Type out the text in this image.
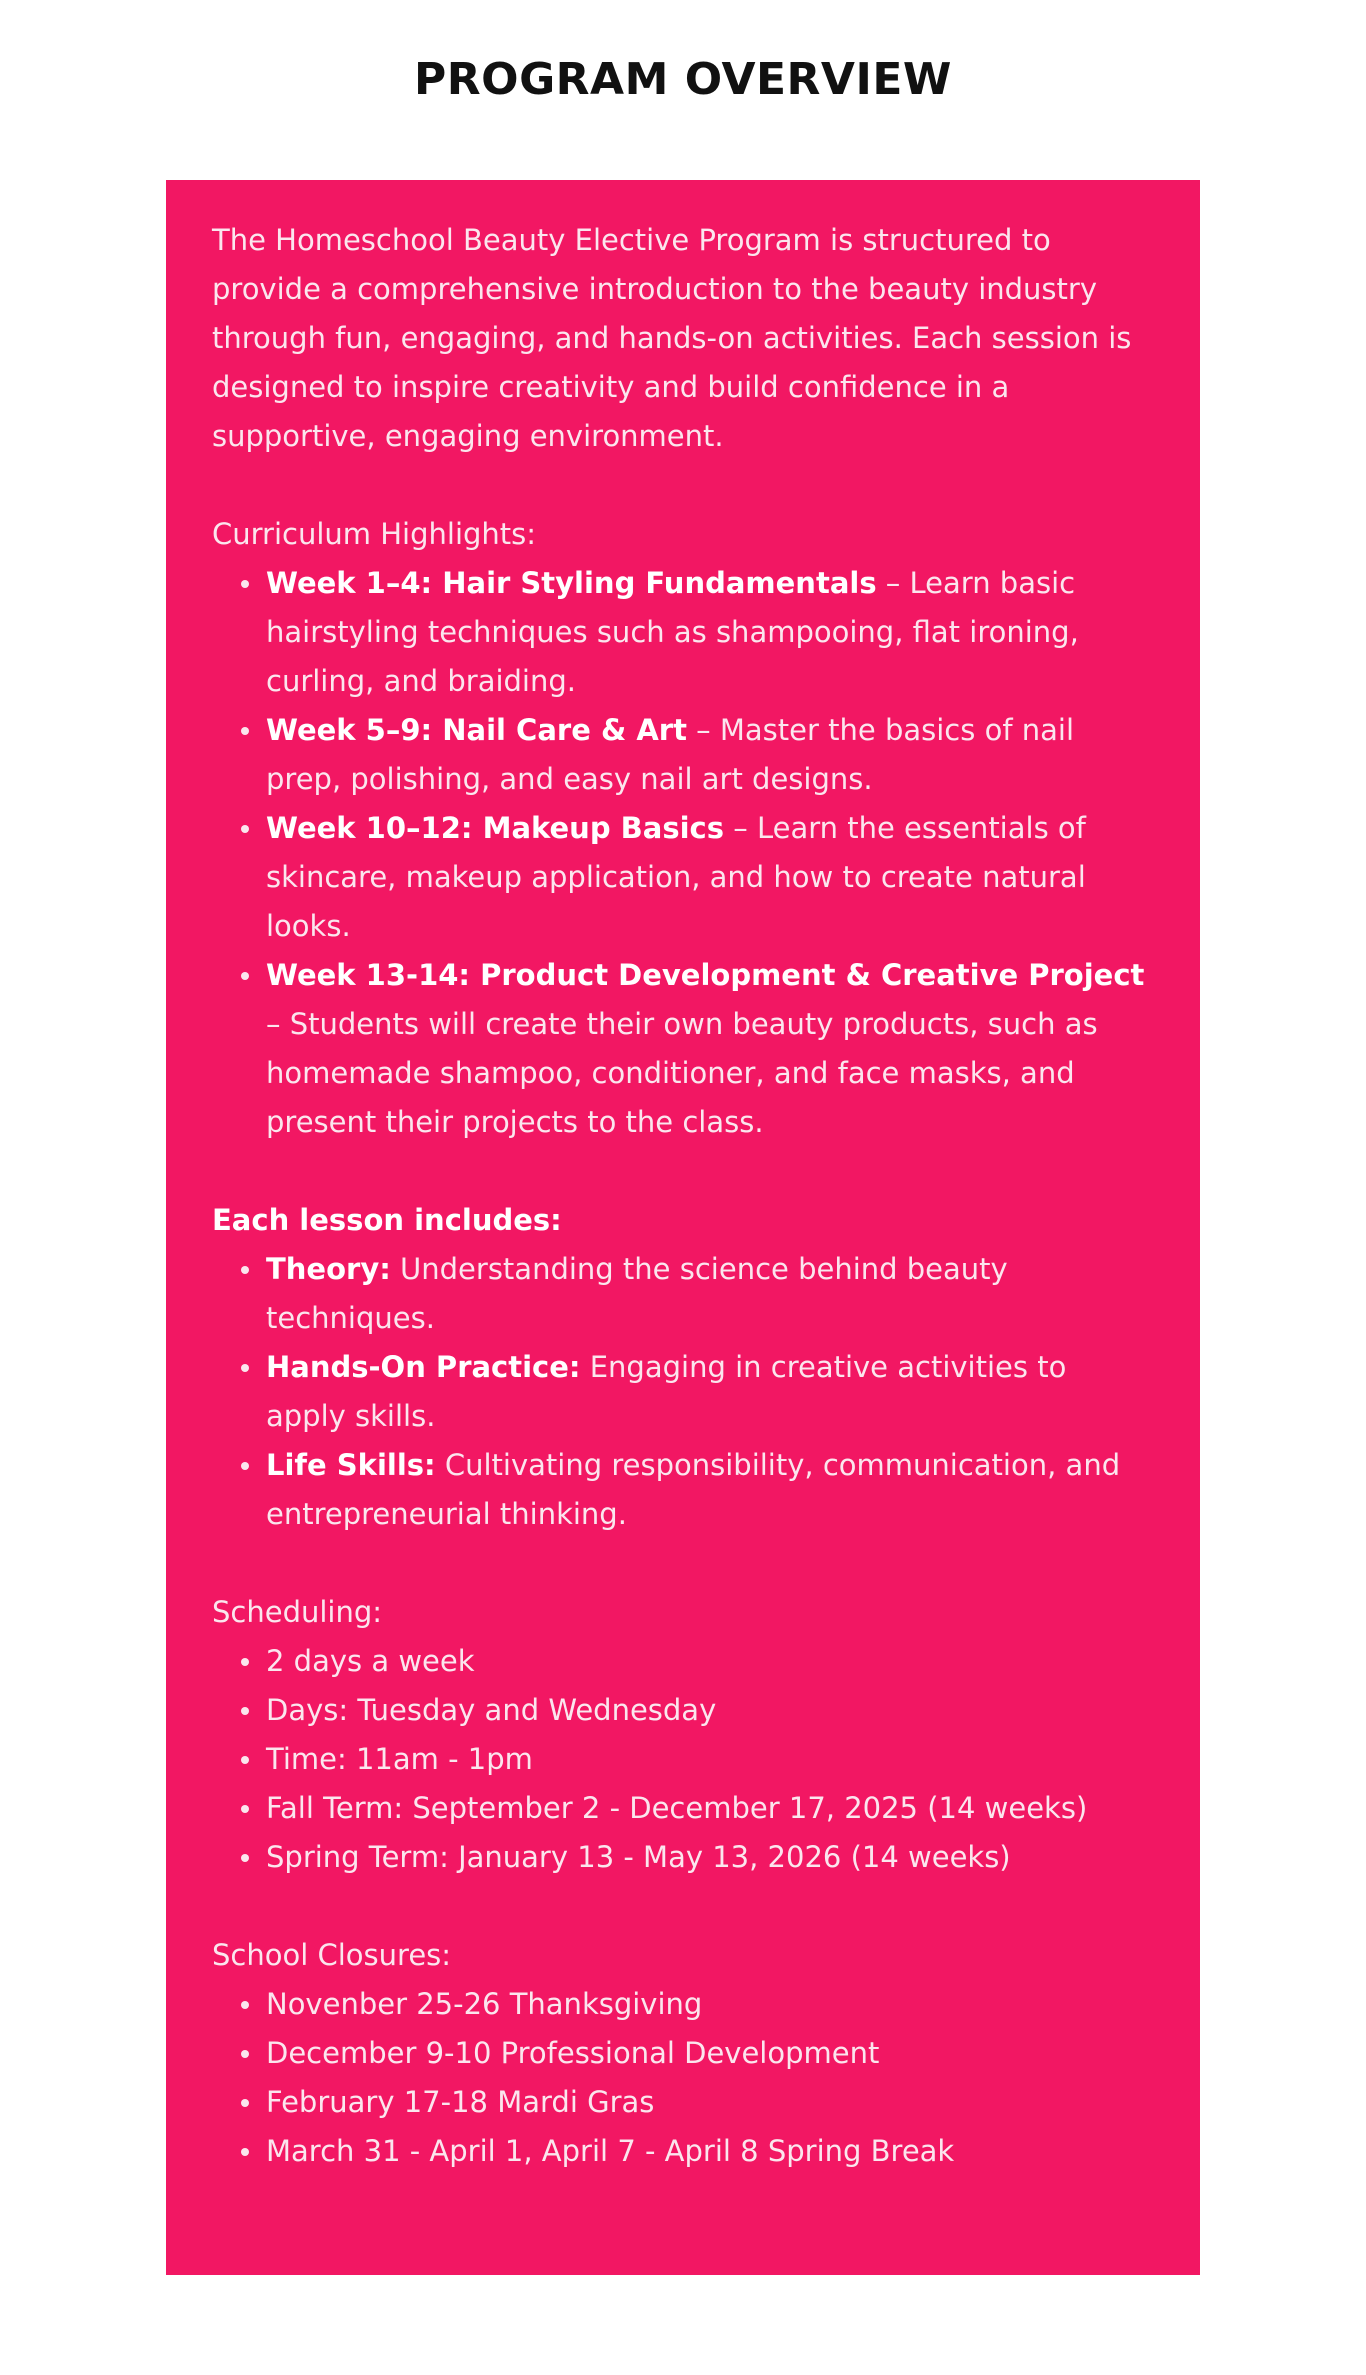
PROGRAM OVERVIEW

The Homeschool Beauty Elective Program is structured to provide a comprehensive introduction to the beauty industry through fun, engaging, and hands-on activities. Each session is designed to inspire creativity and build confidence in a supportive, engaging environment.

Curriculum Highlights:

Week 1–4: Hair Styling Fundamentals – Learn basic hairstyling techniques such as shampooing, flat ironing, curling, and braiding.
Week 5–9: Nail Care & Art – Master the basics of nail prep, polishing, and easy nail art designs.
Week 10–12: Makeup Basics – Learn the essentials of skincare, makeup application, and how to create natural looks.
Week 13-14: Product Development & Creative Project – Students will create their own beauty products, such as homemade shampoo, conditioner, and face masks, and present their projects to the class.

Each lesson includes:

Theory: Understanding the science behind beauty techniques.
Hands-On Practice: Engaging in creative activities to apply skills.
Life Skills: Cultivating responsibility, communication, and entrepreneurial thinking.

Scheduling:

2 days a week
Days: Tuesday and Wednesday
Time: 11am - 1pm
Fall Term: September 2 - December 17, 2025 (14 weeks)
Spring Term: January 13 - May 13, 2026 (14 weeks)

School Closures:

Novenber 25-26 Thanksgiving
December 9-10 Professional Development
February 17-18 Mardi Gras
March 31 - April 1, April 7 - April 8 Spring Break
